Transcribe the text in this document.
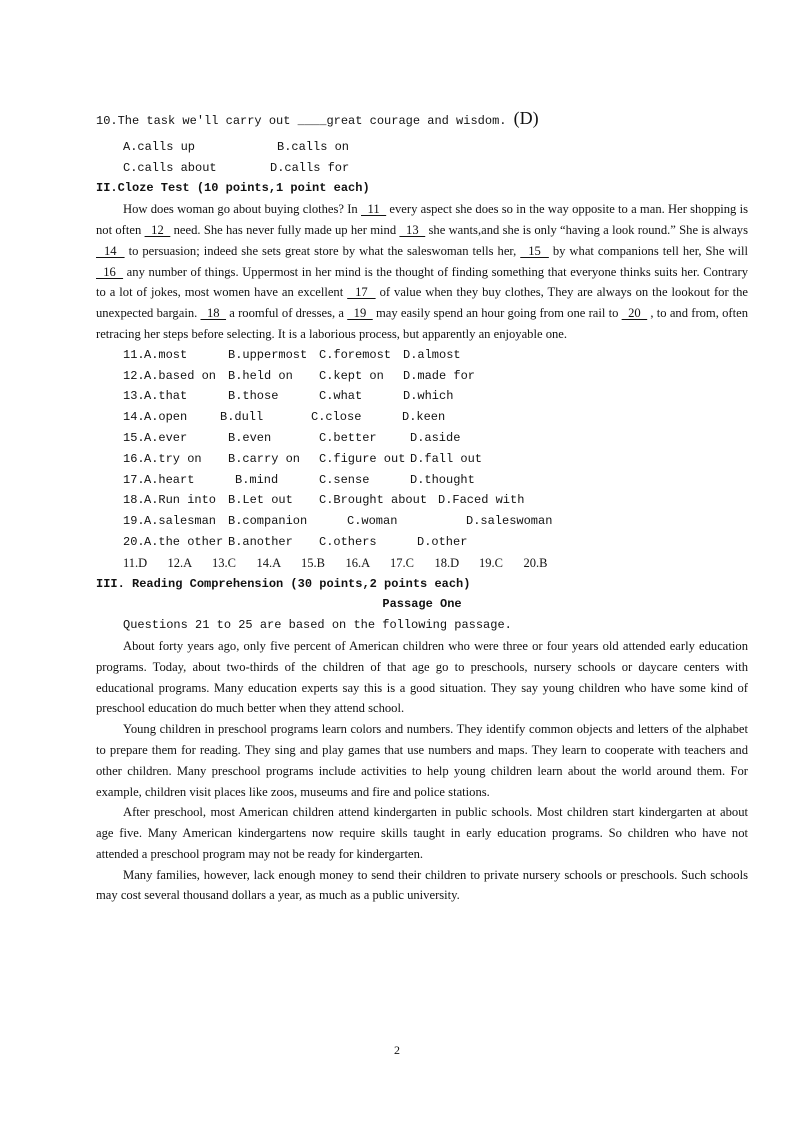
10.The task we'll carry out ____great courage and wisdom. (D)
A.calls up	B.calls on
C.calls about	D.calls for
II.Cloze Test (10 points,1 point each)

How does woman go about buying clothes? In   11   every aspect she does so in the way opposite to a man. Her shopping is not often   12   need. She has never fully made up her mind   13   she wants,and she is only “having a look round.” She is always   14   to persuasion; indeed she sets great store by what the saleswoman tells her,   15   by what companions tell her, She will   16   any number of things. Uppermost in her mind is the thought of finding something that everyone thinks suits her. Contrary to a lot of jokes, most women have an excellent   17   of value when they buy clothes, They are always on the lookout for the unexpected bargain.   18   a roomful of dresses, a   19   may easily spend an hour going from one rail to   20   , to and from, often retracing her steps before selecting. It is a laborious process, but apparently an enjoyable one.

11. A.most	B.uppermost C.foremost D.almost
12. A.based on B.held on	C.kept on	D.made for
13. A.that	B.those	C.what	D.which
14. A.open	B.dull	C.close	D.keen
15. A.ever	B.even	C.better	D.aside
16. A.try on	B.carry on	C.figure out D.fall out
17. A.heart	B.mind	C.sense	D.thought
18. A.Run into B.Let out	C.Brought about D.Faced with
19. A.salesman B.companion	C.woman	D.saleswoman
20. A.the other B.another	C.others	D.other
11.D	12.A	13.C	14.A	15.B	16.A	17.C	18.D	19.C	20.B
III. Reading Comprehension (30 points,2 points each)
Passage One
Questions 21 to 25 are based on the following passage.

About forty years ago, only five percent of American children who were three or four years old attended early education programs. Today, about two-thirds of the children of that age go to preschools, nursery schools or daycare centers with educational programs. Many education experts say this is a good situation. They say young children who have some kind of preschool education do much better when they attend school.

Young children in preschool programs learn colors and numbers. They identify common objects and letters of the alphabet to prepare them for reading. They sing and play games that use numbers and maps. They learn to cooperate with teachers and other children. Many preschool programs include activities to help young children learn about the world around them. For example, children visit places like zoos, museums and fire and police stations.

After preschool, most American children attend kindergarten in public schools. Most children start kindergarten at about age five. Many American kindergartens now require skills taught in early education programs. So children who have not attended a preschool program may not be ready for kindergarten.

Many families, however, lack enough money to send their children to private nursery schools or preschools. Such schools may cost several thousand dollars a year, as much as a public university.

2
